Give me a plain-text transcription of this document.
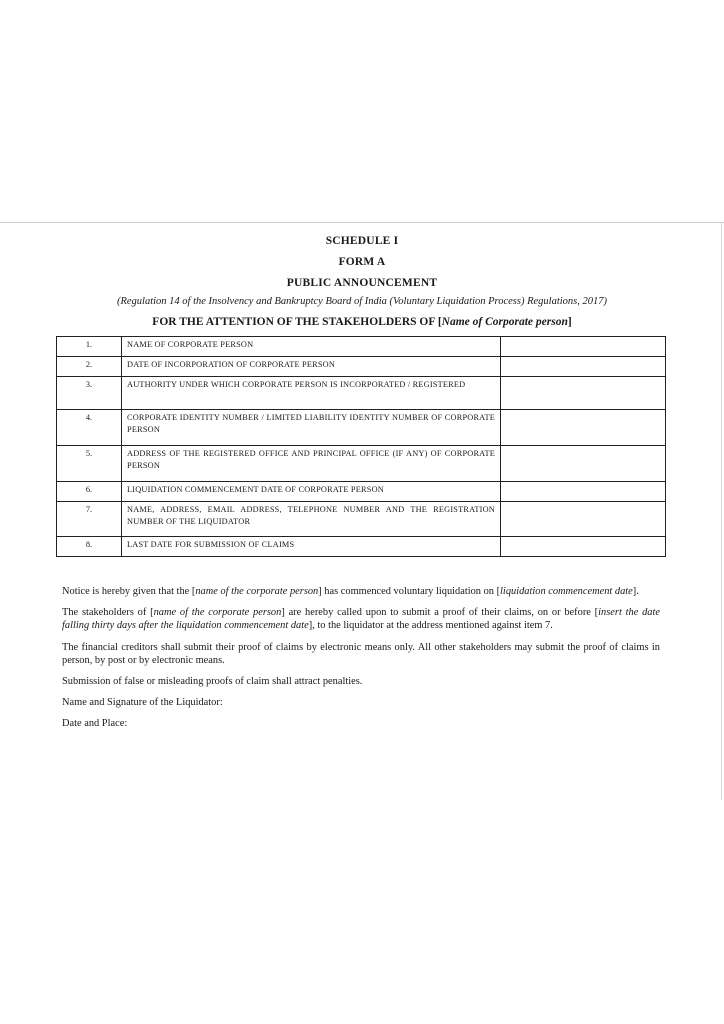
SCHEDULE I
FORM A
PUBLIC ANNOUNCEMENT
(Regulation 14 of the Insolvency and Bankruptcy Board of India (Voluntary Liquidation Process) Regulations, 2017)
FOR THE ATTENTION OF THE STAKEHOLDERS OF [Name of Corporate person]
1.	NAME OF CORPORATE PERSON	
2.	DATE OF INCORPORATION OF CORPORATE PERSON	
3.	AUTHORITY UNDER WHICH CORPORATE PERSON IS INCORPORATED / REGISTERED	
4.	CORPORATE IDENTITY NUMBER / LIMITED LIABILITY IDENTITY NUMBER OF CORPORATE PERSON	
5.	ADDRESS OF THE REGISTERED OFFICE AND PRINCIPAL OFFICE (IF ANY) OF CORPORATE PERSON	
6.	LIQUIDATION COMMENCEMENT DATE OF CORPORATE PERSON	
7.	NAME, ADDRESS, EMAIL ADDRESS, TELEPHONE NUMBER AND THE REGISTRATION NUMBER OF THE LIQUIDATOR	
8.	LAST DATE FOR SUBMISSION OF CLAIMS	

Notice is hereby given that the [name of the corporate person] has commenced voluntary liquidation on [liquidation commencement date].

The stakeholders of [name of the corporate person] are hereby called upon to submit a proof of their claims, on or before [insert the date falling thirty days after the liquidation commencement date], to the liquidator at the address mentioned against item 7.

The financial creditors shall submit their proof of claims by electronic means only. All other stakeholders may submit the proof of claims in person, by post or by electronic means.

Submission of false or misleading proofs of claim shall attract penalties.

Name and Signature of the Liquidator:

Date and Place:
